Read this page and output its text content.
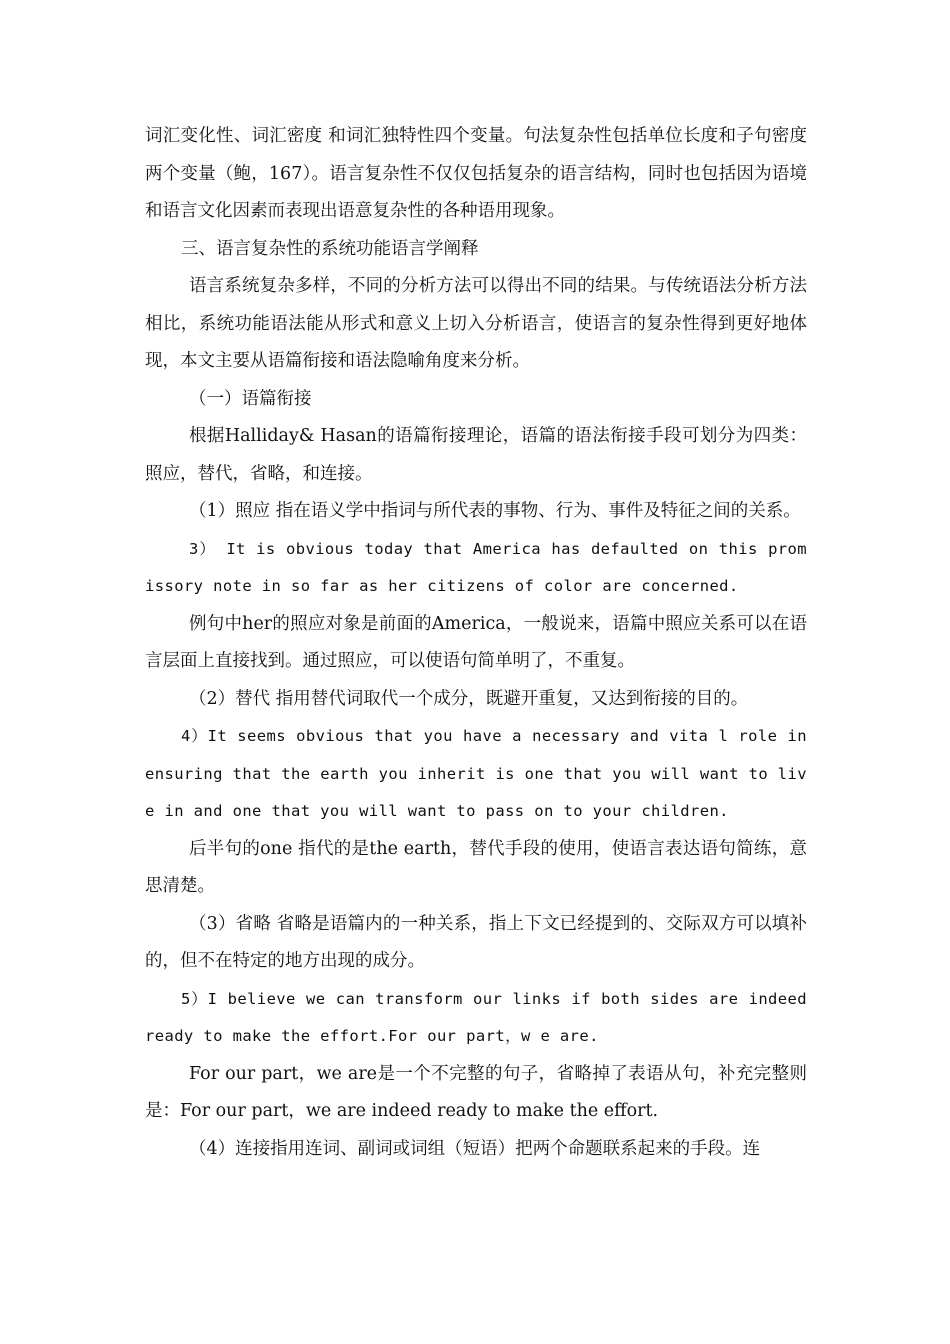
词汇变化性、词汇密度 和词汇独特性四个变量。句法复杂性包括单位长度和子句密度两个变量（鲍，167）。语言复杂性不仅仅包括复杂的语言结构，同时也包括因为语境和语言文化因素而表现出语意复杂性的各种语用现象。

三、语言复杂性的系统功能语言学阐释

语言系统复杂多样，不同的分析方法可以得出不同的结果。与传统语法分析方法相比，系统功能语法能从形式和意义上切入分析语言，使语言的复杂性得到更好地体现，本文主要从语篇衔接和语法隐喻角度来分析。

（一）语篇衔接

根据Halliday& Hasan的语篇衔接理论，语篇的语法衔接手段可划分为四类：照应，替代，省略，和连接。

（1）照应 指在语义学中指词与所代表的事物、行为、事件及特征之间的关系。

3） It is obvious today that America has defaulted on this promissory note in so far as her citizens of color are concerned.

例句中her的照应对象是前面的America，一般说来，语篇中照应关系可以在语言层面上直接找到。通过照应，可以使语句简单明了，不重复。

（2）替代 指用替代词取代一个成分，既避开重复，又达到衔接的目的。

4）It seems obvious that you have a necessary and vita l role in ensuring that the earth you inherit is one that you will want to live in and one that you will want to pass on to your children.

后半句的one 指代的是the earth，替代手段的使用，使语言表达语句简练，意思清楚。

（3）省略 省略是语篇内的一种关系，指上下文已经提到的、交际双方可以填补的，但不在特定的地方出现的成分。

5）I believe we can transform our links if both sides are indeed ready to make the effort.For our part，w e are.

For our part，we are是一个不完整的句子，省略掉了表语从句，补充完整则是：For our part，we are indeed ready to make the effort.

（4）连接指用连词、副词或词组（短语）把两个命题联系起来的手段。连
